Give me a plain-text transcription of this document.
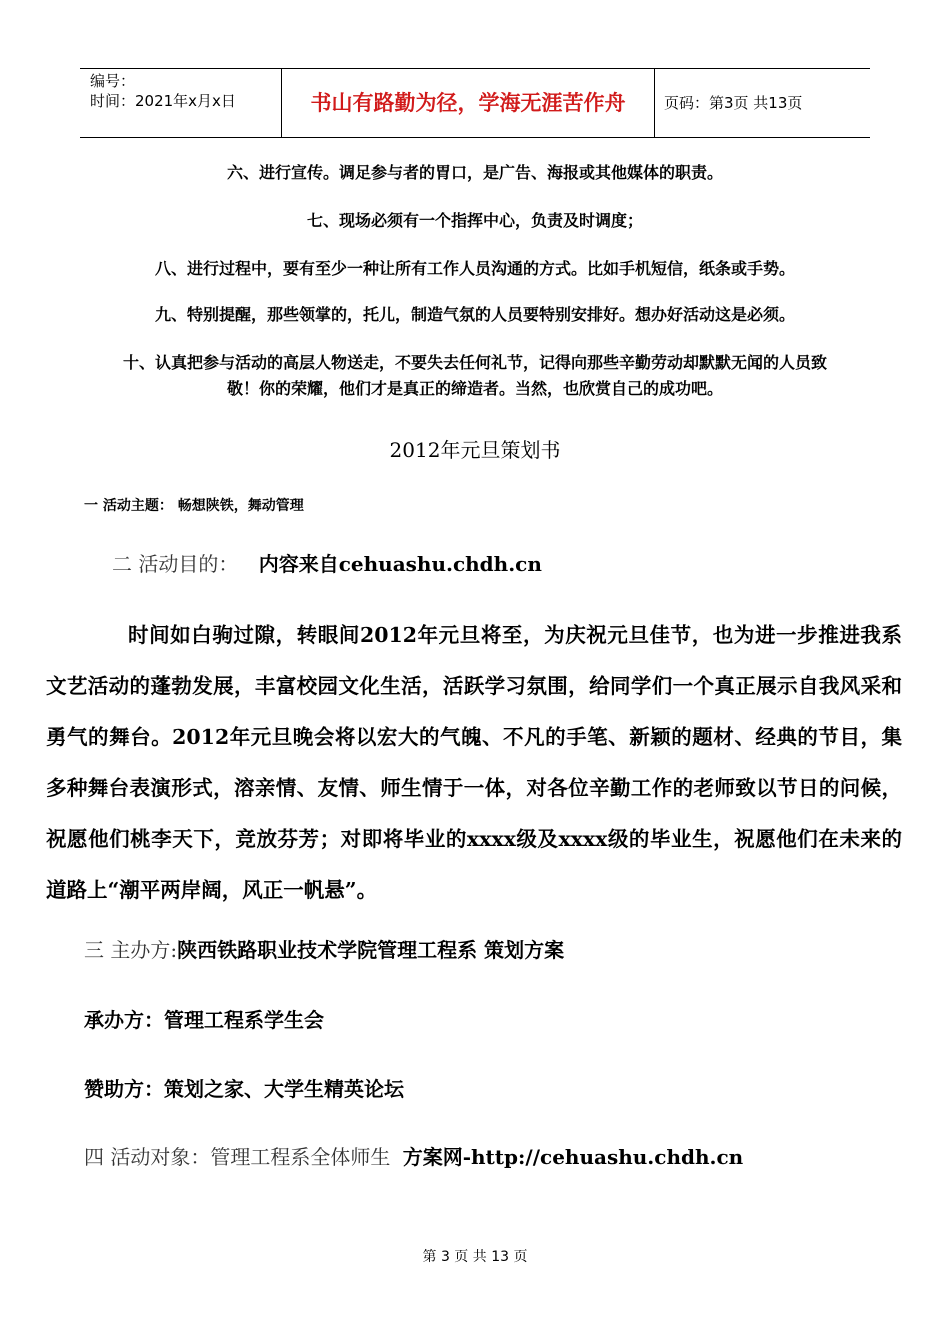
编号：
时间：2021年x月x日	书山有路勤为径，学海无涯苦作舟	页码：第3页 共13页

六、进行宣传。调足参与者的胃口，是广告、海报或其他媒体的职责。

七、现场必须有一个指挥中心，负责及时调度；

八、进行过程中，要有至少一种让所有工作人员沟通的方式。比如手机短信，纸条或手势。

九、特别提醒，那些领掌的，托儿，制造气氛的人员要特别安排好。想办好活动这是必须。

十、认真把参与活动的高层人物送走，不要失去任何礼节，记得向那些辛勤劳动却默默无闻的人员致

敬！你的荣耀，他们才是真正的缔造者。当然，也欣赏自己的成功吧。

2012年元旦策划书

一 活动主题： 畅想陕铁，舞动管理

二 活动目的： 内容来自cehuashu.chdh.cn

时间如白驹过隙，转眼间2012年元旦将至，为庆祝元旦佳节，也为进一步推进我系文艺活动的蓬勃发展，丰富校园文化生活，活跃学习氛围，给同学们一个真正展示自我风采和勇气的舞台。2012年元旦晚会将以宏大的气魄、不凡的手笔、新颖的题材、经典的节目，集多种舞台表演形式，溶亲情、友情、师生情于一体，对各位辛勤工作的老师致以节日的问候，祝愿他们桃李天下，竞放芬芳；对即将毕业的xxxx级及xxxx级的毕业生，祝愿他们在未来的道路上“潮平两岸阔，风正一帆悬”。

三 主办方:陕西铁路职业技术学院管理工程系 策划方案

承办方：管理工程系学生会

赞助方：策划之家、大学生精英论坛

四 活动对象：管理工程系全体师生 方案网-http://cehuashu.chdh.cn

第 3 页 共 13 页
